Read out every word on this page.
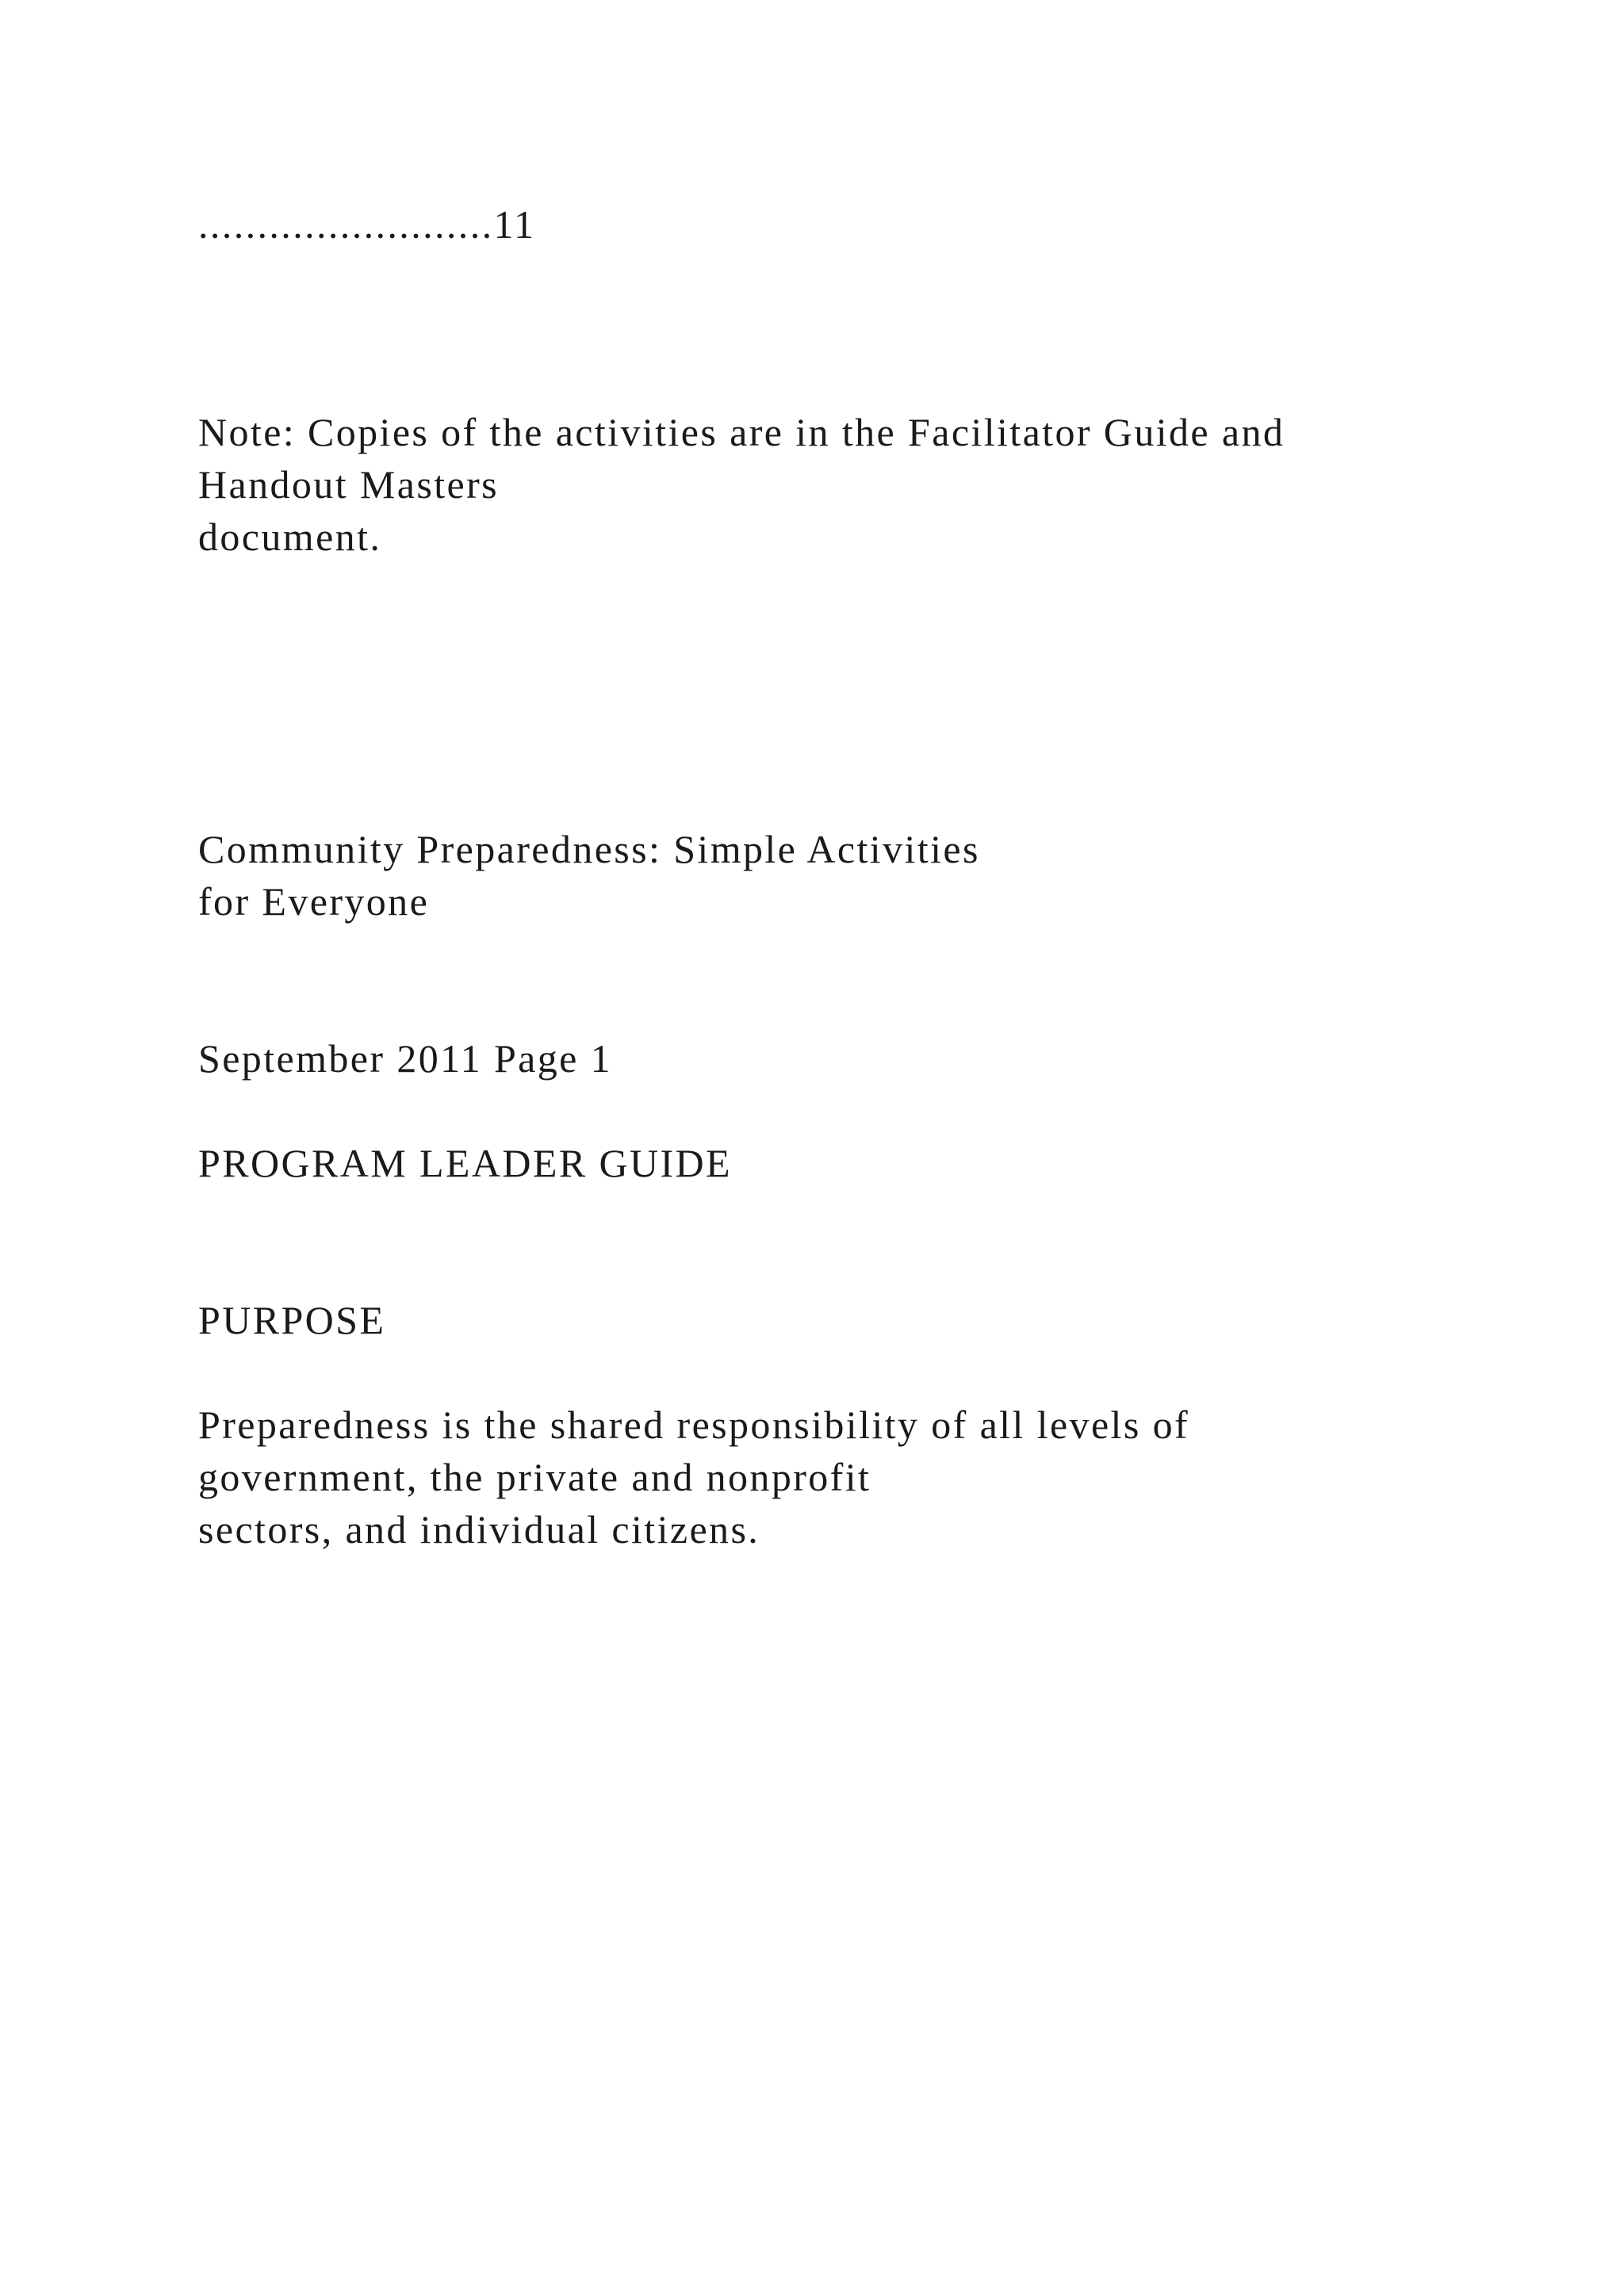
.........................11

Note: Copies of the activities are in the Facilitator Guide and

Handout Masters

document.

Community Preparedness: Simple Activities

for Everyone

September 2011 Page 1

PROGRAM LEADER GUIDE

PURPOSE

Preparedness is the shared responsibility of all levels of

government, the private and nonprofit

sectors, and individual citizens.
